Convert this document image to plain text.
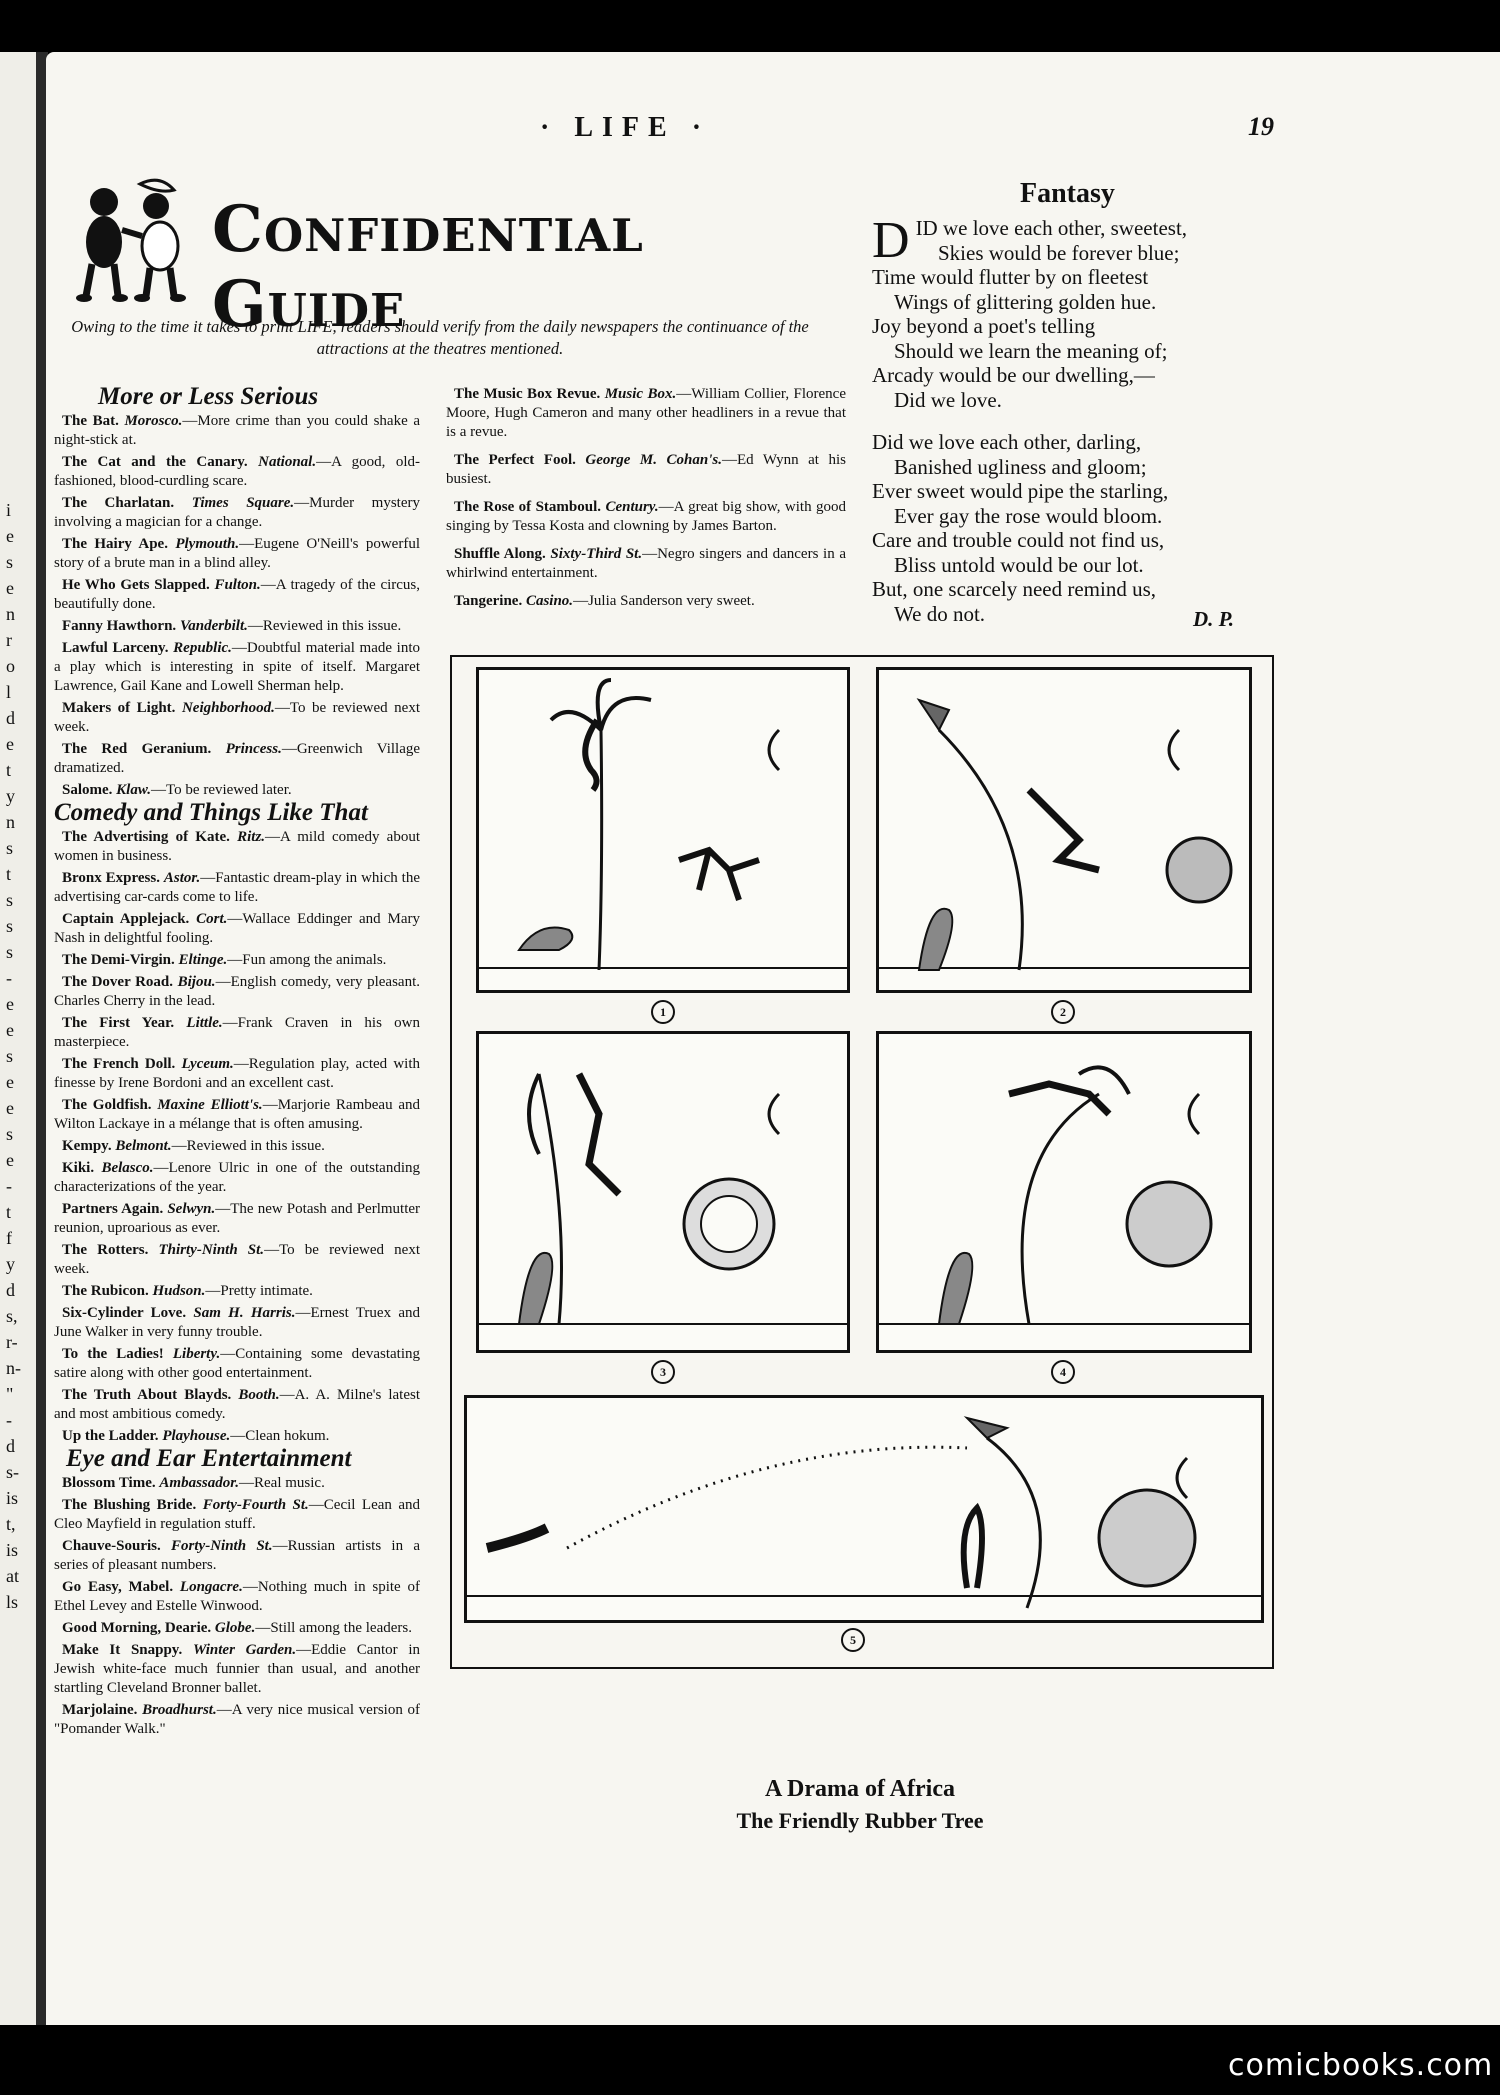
i
e
s
e
n
r
o
l
d
e
t
y
n
s
t
s
s
s
-
e
e
s
e
e
s
e
-
t
f
y
d
s,
r-
n-
"
-
d
s-
is
t,
is
at
ls
· LIFE ·	19
Confidential Guide
Owing to the time it takes to print LIFE, readers should verify from the daily newspapers the continuance of the attractions at the theatres mentioned.
More or Less Serious
The Bat. Morosco.—More crime than you could shake a night-stick at.
The Cat and the Canary. National.—A good, old-fashioned, blood-curdling scare.
The Charlatan. Times Square.—Murder mystery involving a magician for a change.
The Hairy Ape. Plymouth.—Eugene O'Neill's powerful story of a brute man in a blind alley.
He Who Gets Slapped. Fulton.—A tragedy of the circus, beautifully done.
Fanny Hawthorn. Vanderbilt.—Reviewed in this issue.
Lawful Larceny. Republic.—Doubtful material made into a play which is interesting in spite of itself. Margaret Lawrence, Gail Kane and Lowell Sherman help.
Makers of Light. Neighborhood.—To be reviewed next week.
The Red Geranium. Princess.—Greenwich Village dramatized.
Salome. Klaw.—To be reviewed later.
Comedy and Things Like That
The Advertising of Kate. Ritz.—A mild comedy about women in business.
Bronx Express. Astor.—Fantastic dream-play in which the advertising car-cards come to life.
Captain Applejack. Cort.—Wallace Eddinger and Mary Nash in delightful fooling.
The Demi-Virgin. Eltinge.—Fun among the animals.
The Dover Road. Bijou.—English comedy, very pleasant. Charles Cherry in the lead.
The First Year. Little.—Frank Craven in his own masterpiece.
The French Doll. Lyceum.—Regulation play, acted with finesse by Irene Bordoni and an excellent cast.
The Goldfish. Maxine Elliott's.—Marjorie Rambeau and Wilton Lackaye in a mélange that is often amusing.
Kempy. Belmont.—Reviewed in this issue.
Kiki. Belasco.—Lenore Ulric in one of the outstanding characterizations of the year.
Partners Again. Selwyn.—The new Potash and Perlmutter reunion, uproarious as ever.
The Rotters. Thirty-Ninth St.—To be reviewed next week.
The Rubicon. Hudson.—Pretty intimate.
Six-Cylinder Love. Sam H. Harris.—Ernest Truex and June Walker in very funny trouble.
To the Ladies! Liberty.—Containing some devastating satire along with other good entertainment.
The Truth About Blayds. Booth.—A. A. Milne's latest and most ambitious comedy.
Up the Ladder. Playhouse.—Clean hokum.
Eye and Ear Entertainment
Blossom Time. Ambassador.—Real music.
The Blushing Bride. Forty-Fourth St.—Cecil Lean and Cleo Mayfield in regulation stuff.
Chauve-Souris. Forty-Ninth St.—Russian artists in a series of pleasant numbers.
Go Easy, Mabel. Longacre.—Nothing much in spite of Ethel Levey and Estelle Winwood.
Good Morning, Dearie. Globe.—Still among the leaders.
Make It Snappy. Winter Garden.—Eddie Cantor in Jewish white-face much funnier than usual, and another startling Cleveland Bronner ballet.
Marjolaine. Broadhurst.—A very nice musical version of "Pomander Walk."
The Music Box Revue. Music Box.—William Collier, Florence Moore, Hugh Cameron and many other headliners in a revue that is a revue.
The Perfect Fool. George M. Cohan's.—Ed Wynn at his busiest.
The Rose of Stamboul. Century.—A great big show, with good singing by Tessa Kosta and clowning by James Barton.
Shuffle Along. Sixty-Third St.—Negro singers and dancers in a whirlwind entertainment.
Tangerine. Casino.—Julia Sanderson very sweet.
Fantasy
D ID we love each other, sweetest,
Skies would be forever blue;
Time would flutter by on fleetest
Wings of glittering golden hue.
Joy beyond a poet's telling
Should we learn the meaning of;
Arcady would be our dwelling,—
Did we love.
Did we love each other, darling,
Banished ugliness and gloom;
Ever sweet would pipe the starling,
Ever gay the rose would bloom.
Care and trouble could not find us,
Bliss untold would be our lot.
But, one scarcely need remind us,
We do not.	D. P.
1	2
3	4
5
A Drama of Africa
The Friendly Rubber Tree
comicbooks.com
